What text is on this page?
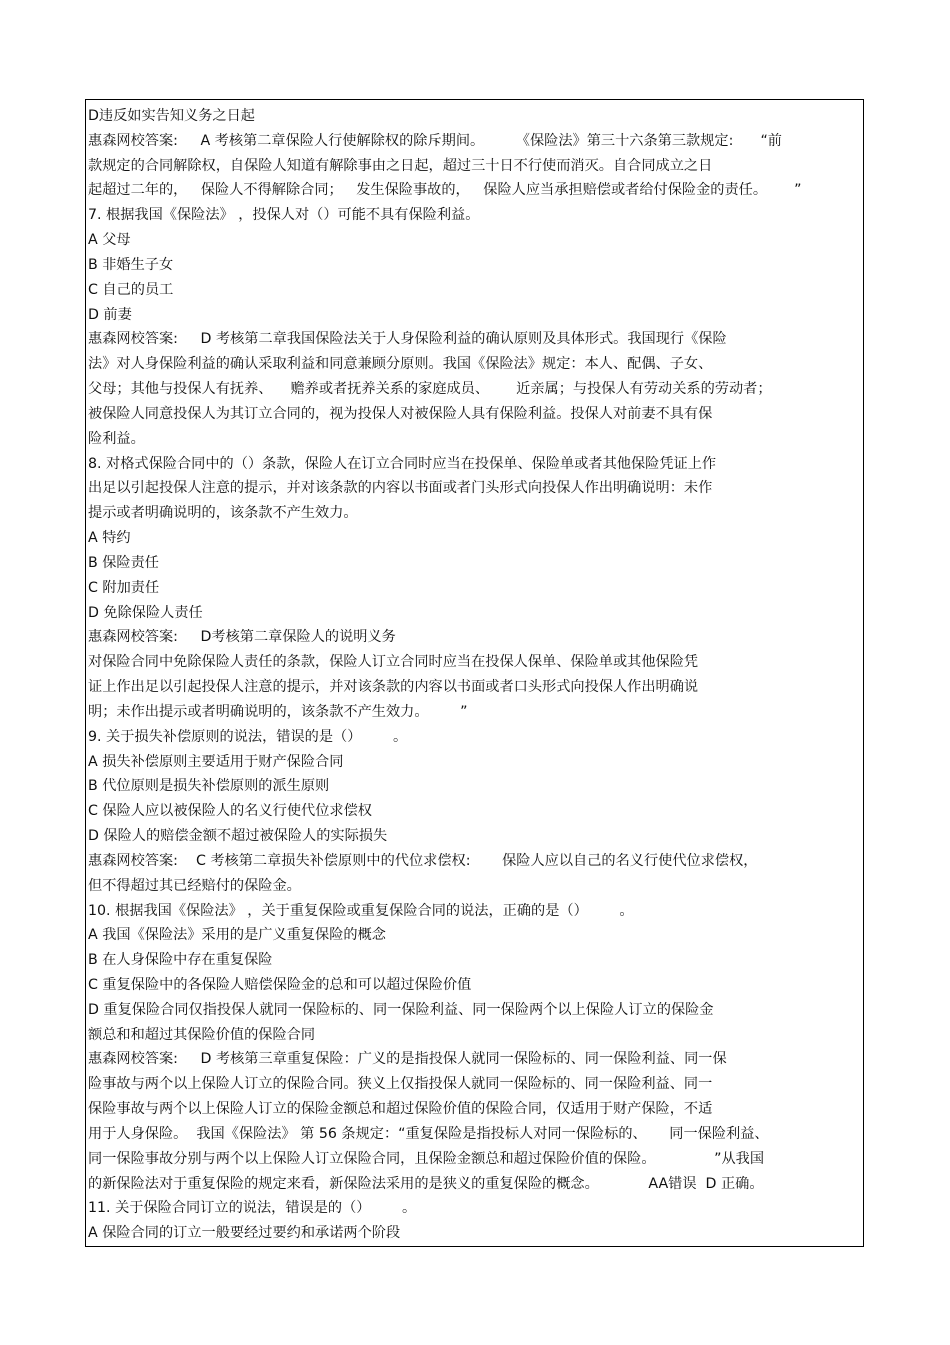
D违反如实告知义务之日起
惠森网校答案:     A 考核第二章保险人行使解除权的除斥期间。       《保险法》第三十六条第三款规定:      “前
款规定的合同解除权，自保险人知道有解除事由之日起，超过三十日不行使而消灭。自合同成立之日
起超过二年的，   保险人不得解除合同；   发生保险事故的，   保险人应当承担赔偿或者给付保险金的责任。      ”
7. 根据我国《保险法》 ，投保人对（）可能不具有保险利益。
A 父母
B 非婚生子女
C 自己的员工
D 前妻
惠森网校答案:     D 考核第二章我国保险法关于人身保险利益的确认原则及具体形式。我国现行《保险
法》对人身保险利益的确认采取利益和同意兼顾分原则。我国《保险法》规定：本人、配偶、子女、
父母；其他与投保人有抚养、    赡养或者抚养关系的家庭成员、      近亲属；与投保人有劳动关系的劳动者；
被保险人同意投保人为其订立合同的，视为投保人对被保险人具有保险利益。投保人对前妻不具有保
险利益。
8. 对格式保险合同中的（）条款，保险人在订立合同时应当在投保单、保险单或者其他保险凭证上作
出足以引起投保人注意的提示，并对该条款的内容以书面或者门头形式向投保人作出明确说明：未作
提示或者明确说明的，该条款不产生效力。
A 特约
B 保险责任
C 附加责任
D 免除保险人责任
惠森网校答案:     D考核第二章保险人的说明义务
对保险合同中免除保险人责任的条款，保险人订立合同时应当在投保人保单、保险单或其他保险凭
证上作出足以引起投保人注意的提示，并对该条款的内容以书面或者口头形式向投保人作出明确说
明；未作出提示或者明确说明的，该条款不产生效力。       ”
9. 关于损失补偿原则的说法，错误的是（）       。
A 损失补偿原则主要适用于财产保险合同
B 代位原则是损失补偿原则的派生原则
C 保险人应以被保险人的名义行使代位求偿权
D 保险人的赔偿金额不超过被保险人的实际损失
惠森网校答案:    C 考核第二章损失补偿原则中的代位求偿权:       保险人应以自己的名义行使代位求偿权，
但不得超过其已经赔付的保险金。
10. 根据我国《保险法》 ，关于重复保险或重复保险合同的说法，正确的是（）       。
A 我国《保险法》采用的是广义重复保险的概念
B 在人身保险中存在重复保险
C 重复保险中的各保险人赔偿保险金的总和可以超过保险价值
D 重复保险合同仅指投保人就同一保险标的、同一保险利益、同一保险两个以上保险人订立的保险金
额总和和超过其保险价值的保险合同
惠森网校答案:     D 考核第三章重复保险：广义的是指投保人就同一保险标的、同一保险利益、同一保
险事故与两个以上保险人订立的保险合同。狭义上仅指投保人就同一保险标的、同一保险利益、同一
保险事故与两个以上保险人订立的保险金额总和超过保险价值的保险合同，仅适用于财产保险，不适
用于人身保险。  我国《保险法》 第 56 条规定：“重复保险是指投标人对同一保险标的、     同一保险利益、
同一保险事故分别与两个以上保险人订立保险合同，且保险金额总和超过保险价值的保险。             ”从我国
的新保险法对于重复保险的规定来看，新保险法采用的是狭义的重复保险的概念。           AA错误  D 正确。
11. 关于保险合同订立的说法，错误是的（）       。
A 保险合同的订立一般要经过要约和承诺两个阶段
